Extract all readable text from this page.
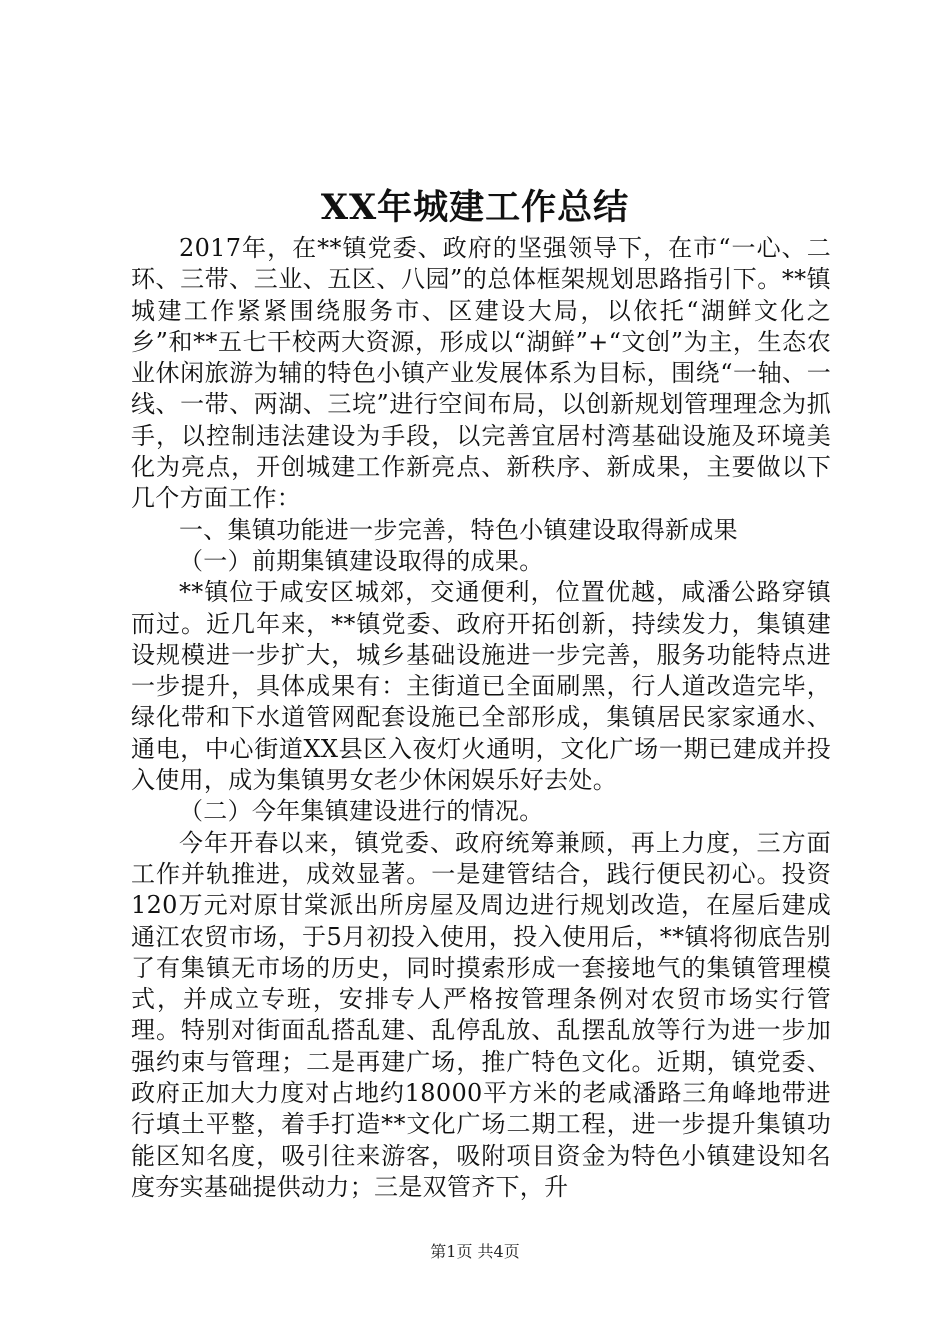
XX年城建工作总结

2017年，在**镇党委、政府的坚强领导下，在市“一心、二环、三带、三业、五区、八园”的总体框架规划思路指引下。**镇城建工作紧紧围绕服务市、区建设大局，以依托“湖鲜文化之乡”和**五七干校两大资源，形成以“湖鲜”+“文创”为主，生态农业休闲旅游为辅的特色小镇产业发展体系为目标，围绕“一轴、一线、一带、两湖、三垸”进行空间布局，以创新规划管理理念为抓手，以控制违法建设为手段，以完善宜居村湾基础设施及环境美化为亮点，开创城建工作新亮点、新秩序、新成果，主要做以下几个方面工作：

一、集镇功能进一步完善，特色小镇建设取得新成果

（一）前期集镇建设取得的成果。

**镇位于咸安区城郊，交通便利，位置优越，咸潘公路穿镇而过。近几年来，**镇党委、政府开拓创新，持续发力，集镇建设规模进一步扩大，城乡基础设施进一步完善，服务功能特点进一步提升，具体成果有：主街道已全面刷黑，行人道改造完毕，绿化带和下水道管网配套设施已全部形成，集镇居民家家通水、通电，中心街道XX县区入夜灯火通明，文化广场一期已建成并投入使用，成为集镇男女老少休闲娱乐好去处。

（二）今年集镇建设进行的情况。

今年开春以来，镇党委、政府统筹兼顾，再上力度，三方面工作并轨推进，成效显著。一是建管结合，践行便民初心。投资120万元对原甘棠派出所房屋及周边进行规划改造，在屋后建成通江农贸市场，于5月初投入使用，投入使用后，**镇将彻底告别了有集镇无市场的历史，同时摸索形成一套接地气的集镇管理模式，并成立专班，安排专人严格按管理条例对农贸市场实行管理。特别对街面乱搭乱建、乱停乱放、乱摆乱放等行为进一步加强约束与管理；二是再建广场，推广特色文化。近期，镇党委、政府正加大力度对占地约18000平方米的老咸潘路三角峰地带进行填土平整，着手打造**文化广场二期工程，进一步提升集镇功能区知名度，吸引往来游客，吸附项目资金为特色小镇建设知名度夯实基础提供动力；三是双管齐下，升

第1页 共4页
